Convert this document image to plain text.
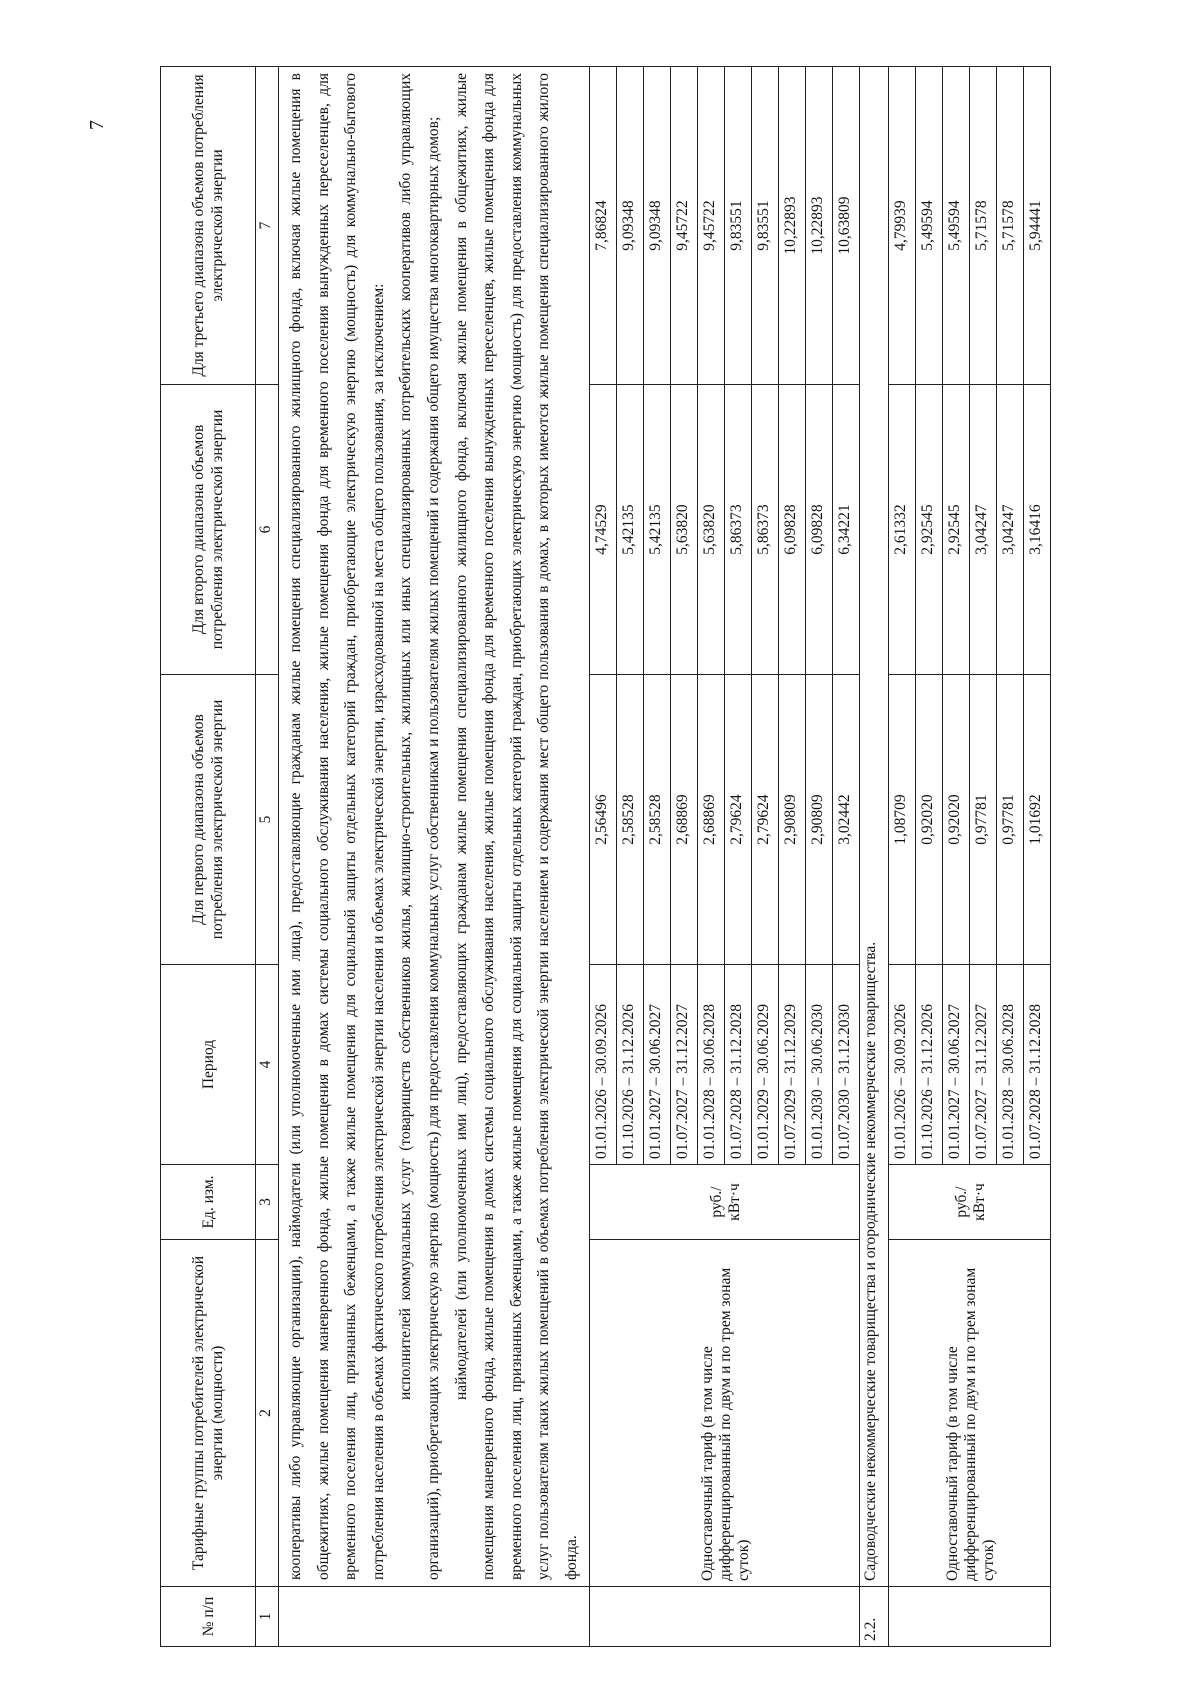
7
№ п/п	Тарифные группы потребителей электрической энергии (мощности)	Ед. изм.	Период	Для первого диапазона объемов потребления электрической энергии	Для второго диапазона объемов потребления электрической энергии	Для третьего диапазона объемов потребления электрической энергии
1	2	3	4	5	6	7

	кооперативы либо управляющие организации), наймодатели (или уполномоченные ими лица), предоставляющие гражданам жилые помещения специализированного жилищного фонда, включая жилые помещения в общежитиях, жилые помещения маневренного фонда, жилые помещения в домах системы социального обслуживания населения, жилые помещения фонда для временного поселения вынужденных переселенцев, для временного поселения лиц, признанных беженцами, а также жилые помещения для социальной защиты отдельных категорий граждан, приобретающие электрическую энергию (мощность) для коммунально-бытового потребления населения в объемах фактического потребления электрической энергии населения и объемах электрической энергии, израсходованной на места общего пользования, за исключением: исполнителей коммунальных услуг (товариществ собственников жилья, жилищно-строительных, жилищных или иных специализированных потребительских кооперативов либо управляющих организаций), приобретающих электрическую энергию (мощность) для предоставления коммунальных услуг собственникам и пользователям жилых помещений и содержания общего имущества многоквартирных домов; наймодателей (или уполномоченных ими лиц), предоставляющих гражданам жилые помещения специализированного жилищного фонда, включая жилые помещения в общежитиях, жилые помещения маневренного фонда, жилые помещения в домах системы социального обслуживания населения, жилые помещения фонда для временного поселения вынужденных переселенцев, жилые помещения фонда для временного поселения лиц, признанных беженцами, а также жилые помещения для социальной защиты отдельных категорий граждан, приобретающих электрическую энергию (мощность) для предоставления коммунальных услуг пользователям таких жилых помещений в объемах потребления электрической энергии населением и содержания мест общего пользования в домах, в которых имеются жилые помещения специализированного жилого фонда.					

	Одноставочный тариф (в том числе дифференцированный по двум и по трем зонам суток)	руб./кВт·ч	01.01.2026 – 30.09.2026	2,56496	4,74529	7,86824
			01.10.2026 – 31.12.2026	2,58528	5,42135	9,09348
			01.01.2027 – 30.06.2027	2,58528	5,42135	9,09348
			01.07.2027 – 31.12.2027	2,68869	5,63820	9,45722
			01.01.2028 – 30.06.2028	2,68869	5,63820	9,45722
			01.07.2028 – 31.12.2028	2,79624	5,86373	9,83551
			01.01.2029 – 30.06.2029	2,79624	5,86373	9,83551
			01.07.2029 – 31.12.2029	2,90809	6,09828	10,22893
			01.01.2030 – 30.06.2030	2,90809	6,09828	10,22893
			01.07.2030 – 31.12.2030	3,02442	6,34221	10,63809
2.2.	Садоводческие некоммерческие товарищества и огороднические некоммерческие товарищества.					
	Одноставочный тариф (в том числе дифференцированный по двум и по трем зонам суток)	руб./кВт·ч	01.01.2026 – 30.09.2026	1,08709	2,61332	4,79939
			01.10.2026 – 31.12.2026	0,92020	2,92545	5,49594
			01.01.2027 – 30.06.2027	0,92020	2,92545	5,49594
			01.07.2027 – 31.12.2027	0,97781	3,04247	5,71578
			01.01.2028 – 30.06.2028	0,97781	3,04247	5,71578
			01.07.2028 – 31.12.2028	1,01692	3,16416	5,94441
